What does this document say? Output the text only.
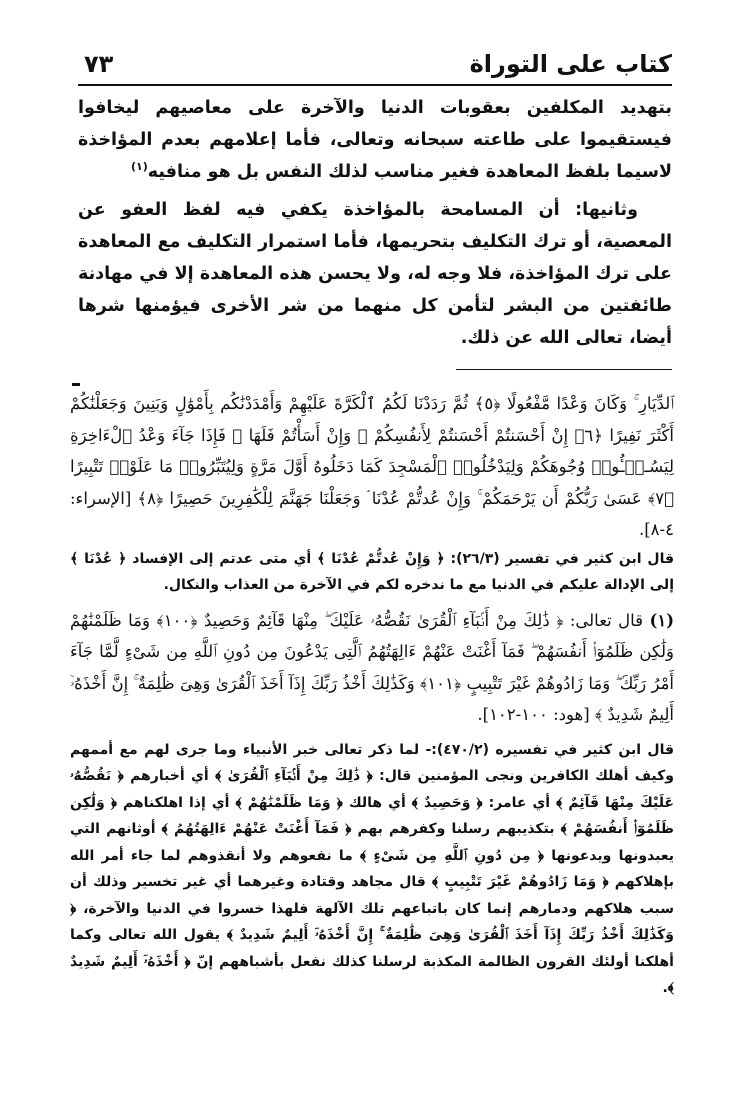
كتاب على التوراة
٧٣

بتهديد المكلفين بعقوبات الدنيا والآخرة على معاصيهم ليخافوا فيستقيموا على طاعته سبحانه وتعالى، فأما إعلامهم بعدم المؤاخذة لاسيما بلفظ المعاهدة فغير مناسب لذلك النفس بل هو منافيه$^{(١)}$

وثانيها: أن المسامحة بالمؤاخذة يكفي فيه لفظ العفو عن المعصية، أو ترك التكليف بتحريمها، فأما استمرار التكليف مع المعاهدة على ترك المؤاخذة، فلا وجه له، ولا يحسن هذه المعاهدة إلا في مهادنة طائفتين من البشر لتأمن كل منهما من شر الأخرى فيؤمنها شرها أيضا، تعالى الله عن ذلك.

ٱلدِّيَارِ ۚ وَكَانَ وَعْدًا مَّفْعُولًا ﴿٥﴾ ثُمَّ رَدَدْنَا لَكُمُ ٱلْكَرَّةَ عَلَيْهِمْ وَأَمْدَدْنَٰكُم بِأَمْوَٰلٍ وَبَنِينَ وَجَعَلْنَٰكُمْ أَكْثَرَ نَفِيرًا ﴿٦﴾ إِنْ أَحْسَنتُمْ أَحْسَنتُمْ لِأَنفُسِكُمْ ۖ وَإِنْ أَسَأْتُمْ فَلَهَا ۚ فَإِذَا جَآءَ وَعْدُ ٱلْءَاخِرَةِ لِيَسُـۥٓـُٔوا۟ وُجُوهَكُمْ وَلِيَدْخُلُوا۟ ٱلْمَسْجِدَ كَمَا دَخَلُوهُ أَوَّلَ مَرَّةٍ وَلِيُتَبِّرُوا۟ مَا عَلَوْا۟ تَتْبِيرًا ﴿٧﴾ عَسَىٰ رَبُّكُمْ أَن يَرْحَمَكُمْ ۚ وَإِنْ عُدتُّمْ عُدْنَا ۘ وَجَعَلْنَا جَهَنَّمَ لِلْكَٰفِرِينَ حَصِيرًا ﴿٨﴾ [الإسراء: ٤-٨].

قال ابن كثير في تفسير (٢٦/٣): ﴿ وَإِنْ عُدتُّمْ عُدْنَا ﴾ أي متى عدتم إلى الإفساد ﴿ عُدْنَا ﴾ إلى الإدالة عليكم في الدنيا مع ما ندخره لكم في الآخرة من العذاب والنكال.

(١) قال تعالى: ﴿ ذَٰلِكَ مِنْ أَنۢبَآءِ ٱلْقُرَىٰ نَقُصُّهُۥ عَلَيْكَ ۖ مِنْهَا قَآئِمٌ وَحَصِيدٌ ﴿١٠٠﴾ وَمَا ظَلَمْنَٰهُمْ وَلَٰكِن ظَلَمُوٓا۟ أَنفُسَهُمْ ۖ فَمَآ أَغْنَتْ عَنْهُمْ ءَالِهَتُهُمُ ٱلَّتِى يَدْعُونَ مِن دُونِ ٱللَّهِ مِن شَىْءٍ لَّمَّا جَآءَ أَمْرُ رَبِّكَ ۖ وَمَا زَادُوهُمْ غَيْرَ تَتْبِيبٍ ﴿١٠١﴾ وَكَذَٰلِكَ أَخْذُ رَبِّكَ إِذَآ أَخَذَ ٱلْقُرَىٰ وَهِىَ ظَٰلِمَةٌ ۚ إِنَّ أَخْذَهُۥٓ أَلِيمٌ شَدِيدٌ ﴾ [هود: ١٠٠-١٠٢].

قال ابن كثير في تفسيره (٤٧٠/٢):- لما ذكر تعالى خبر الأنبياء وما جرى لهم مع أممهم وكيف أهلك الكافرين ونجى المؤمنين قال: ﴿ ذَٰلِكَ مِنْ أَنۢبَآءِ ٱلْقُرَىٰ ﴾ أي أخبارهم ﴿ نَقُصُّهُۥ عَلَيْكَ مِنْهَا قَآئِمٌ ﴾ أي عامر: ﴿ وَحَصِيدٌ ﴾ أي هالك ﴿ وَمَا ظَلَمْنَٰهُمْ ﴾ أي إذا اهلكناهم ﴿ وَلَٰكِن ظَلَمُوٓا۟ أَنفُسَهُمْ ﴾ بتكذيبهم رسلنا وكفرهم بهم ﴿ فَمَآ أَغْنَتْ عَنْهُمْ ءَالِهَتُهُمُ ﴾ أوثانهم التي يعبدونها ويدعونها ﴿ مِن دُونِ ٱللَّهِ مِن شَىْءٍ ﴾ ما نفعوهم ولا أنقذوهم لما جاء أمر الله بإهلاكهم ﴿ وَمَا زَادُوهُمْ غَيْرَ تَتْبِيبٍ ﴾ قال مجاهد وقتادة وغيرهما أي غير تخسير وذلك أن سبب هلاكهم ودمارهم إنما كان باتباعهم تلك الآلهة فلهذا خسروا في الدنيا والآخرة، ﴿ وَكَذَٰلِكَ أَخْذُ رَبِّكَ إِذَآ أَخَذَ ٱلْقُرَىٰ وَهِىَ ظَٰلِمَةٌ ۚ إِنَّ أَخْذَهُۥٓ أَلِيمٌ شَدِيدٌ ﴾ يقول الله تعالى وكما أهلكنا أولئك القرون الظالمة المكذبة لرسلنا كذلك نفعل بأشباههم إنّ ﴿ أَخْذَهُۥٓ أَلِيمٌ شَدِيدٌ ﴾.
